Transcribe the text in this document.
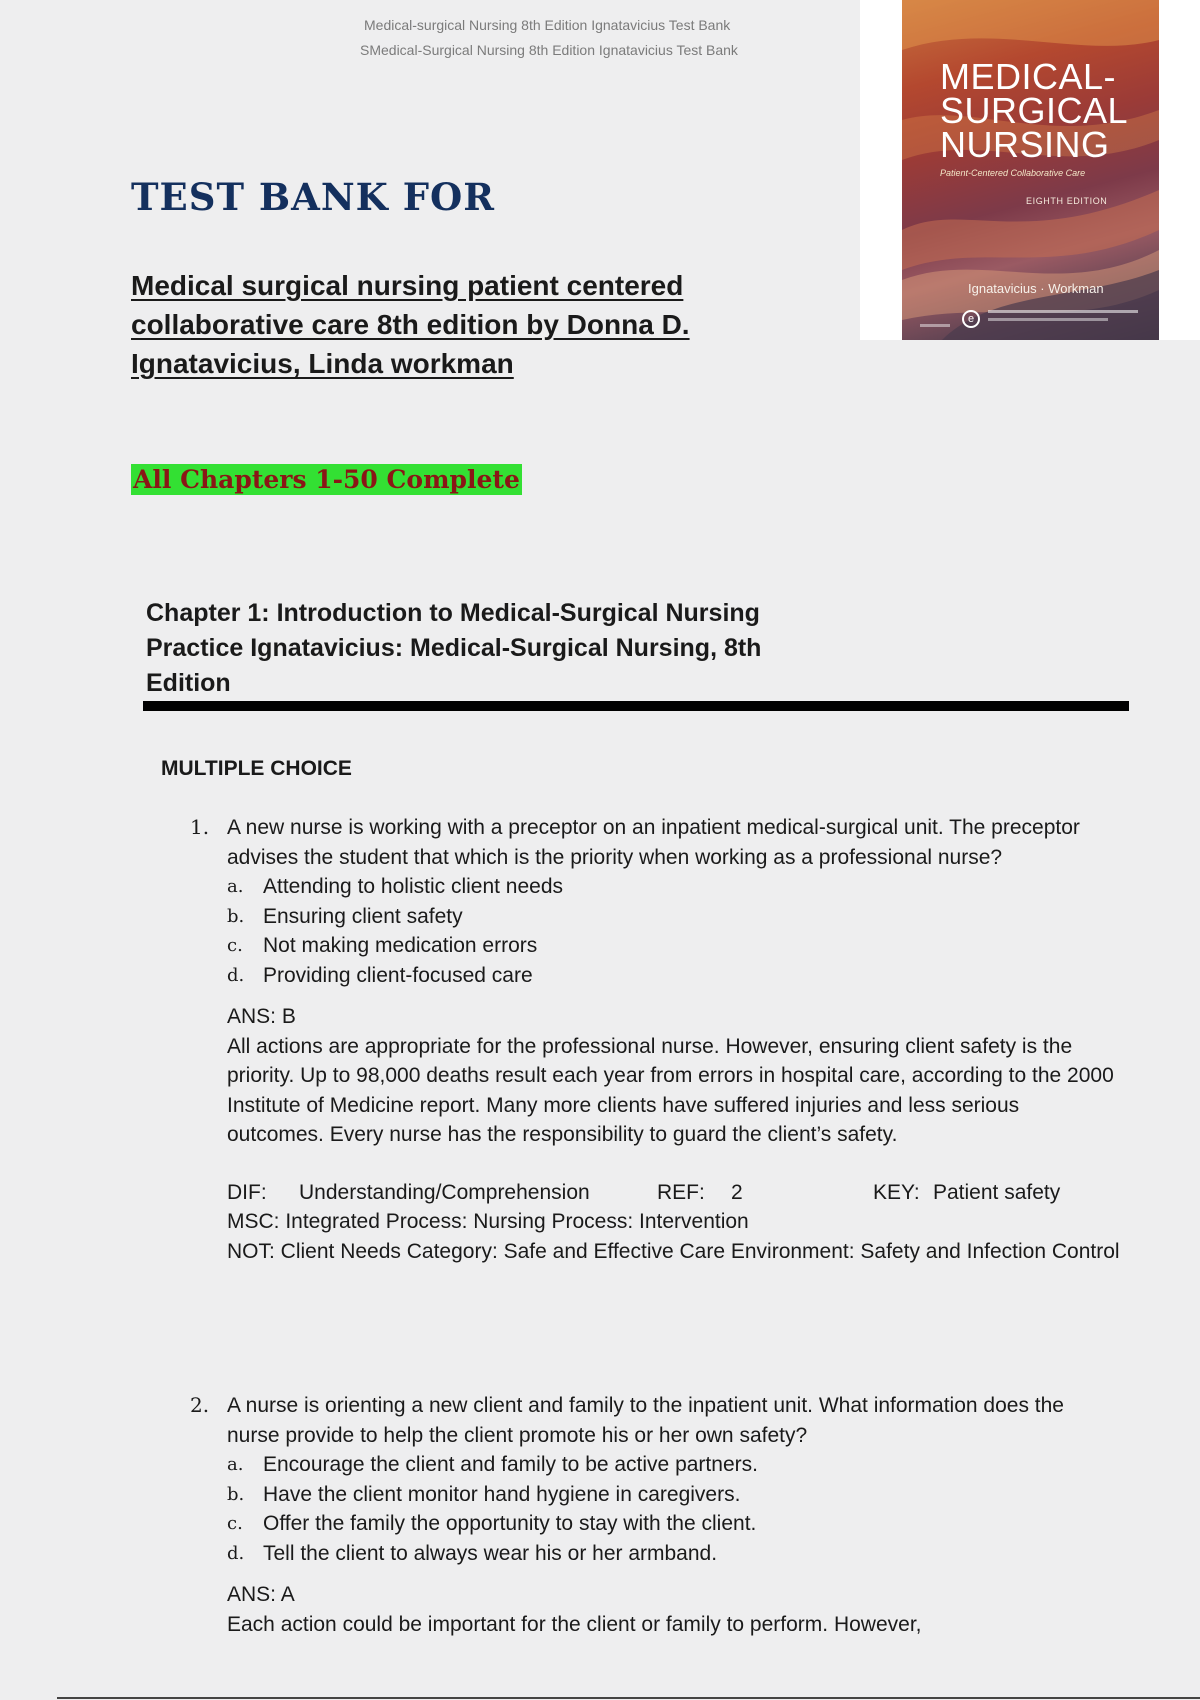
Medical-surgical Nursing 8th Edition Ignatavicius Test Bank
SMedical-Surgical Nursing 8th Edition Ignatavicius Test Bank
MEDICAL-
SURGICAL
NURSING
Patient-Centered Collaborative Care
EIGHTH EDITION
Ignatavicius · Workman
e
TEST BANK FOR
Medical surgical nursing patient centered collaborative care 8th edition by Donna D. Ignatavicius, Linda workman
All Chapters 1-50 Complete
Chapter 1: Introduction to Medical-Surgical Nursing Practice Ignatavicius: Medical-Surgical Nursing, 8th Edition
MULTIPLE CHOICE
1. A new nurse is working with a preceptor on an inpatient medical-surgical unit. The preceptor advises the student that which is the priority when working as a professional nurse?
a. Attending to holistic client needs
b. Ensuring client safety
c. Not making medication errors
d. Providing client-focused care
ANS: B
All actions are appropriate for the professional nurse. However, ensuring client safety is the priority. Up to 98,000 deaths result each year from errors in hospital care, according to the 2000 Institute of Medicine report. Many more clients have suffered injuries and less serious outcomes. Every nurse has the responsibility to guard the client’s safety.
DIF: Understanding/Comprehension	REF: 2	KEY: Patient safety
MSC: Integrated Process: Nursing Process: Intervention
NOT: Client Needs Category: Safe and Effective Care Environment: Safety and Infection Control
2. A nurse is orienting a new client and family to the inpatient unit. What information does the nurse provide to help the client promote his or her own safety?
a. Encourage the client and family to be active partners.
b. Have the client monitor hand hygiene in caregivers.
c. Offer the family the opportunity to stay with the client.
d. Tell the client to always wear his or her armband.
ANS: A
Each action could be important for the client or family to perform. However,
